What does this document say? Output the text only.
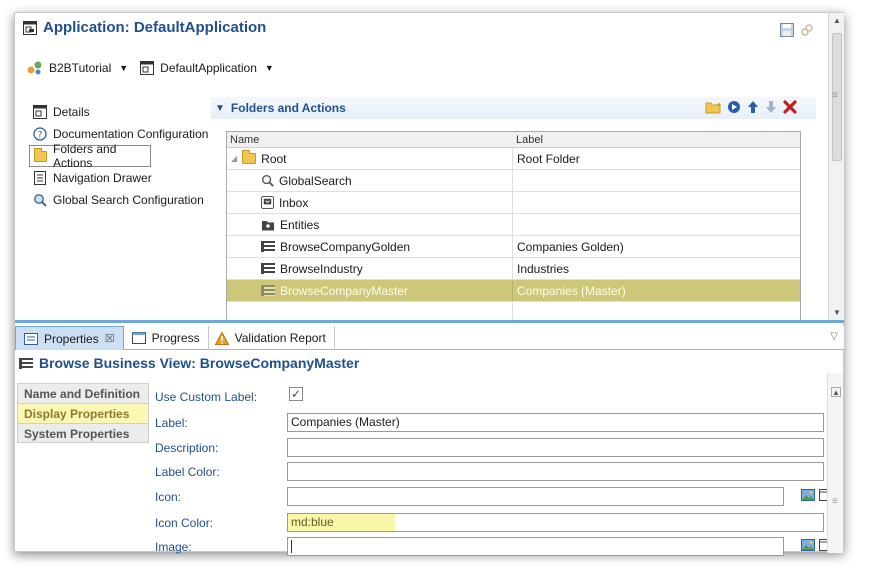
Application: DefaultApplication
B2BTutorial ▼	DefaultApplication ▼
Details
? Documentation Configuration
Folders and Actions
Navigation Drawer
Global Search Configuration
▼ Folders and Actions	✦
Name	Label
◢ Root	Root Folder
GlobalSearch
Inbox
Entities
BrowseCompanyGolden	Companies Golden)
BrowseIndustry	Industries
BrowseCompanyMaster	Companies (Master)
▲
▼
Properties ☒	Progress	Validation Report	▽
Browse Business View: BrowseCompanyMaster
Name and Definition
Display Properties
System Properties
Use Custom Label:	✓
Label:	Companies (Master)
Description:
Label Color:
Icon:
Icon Color:	md:blue
Image:
▲
≡
≡
